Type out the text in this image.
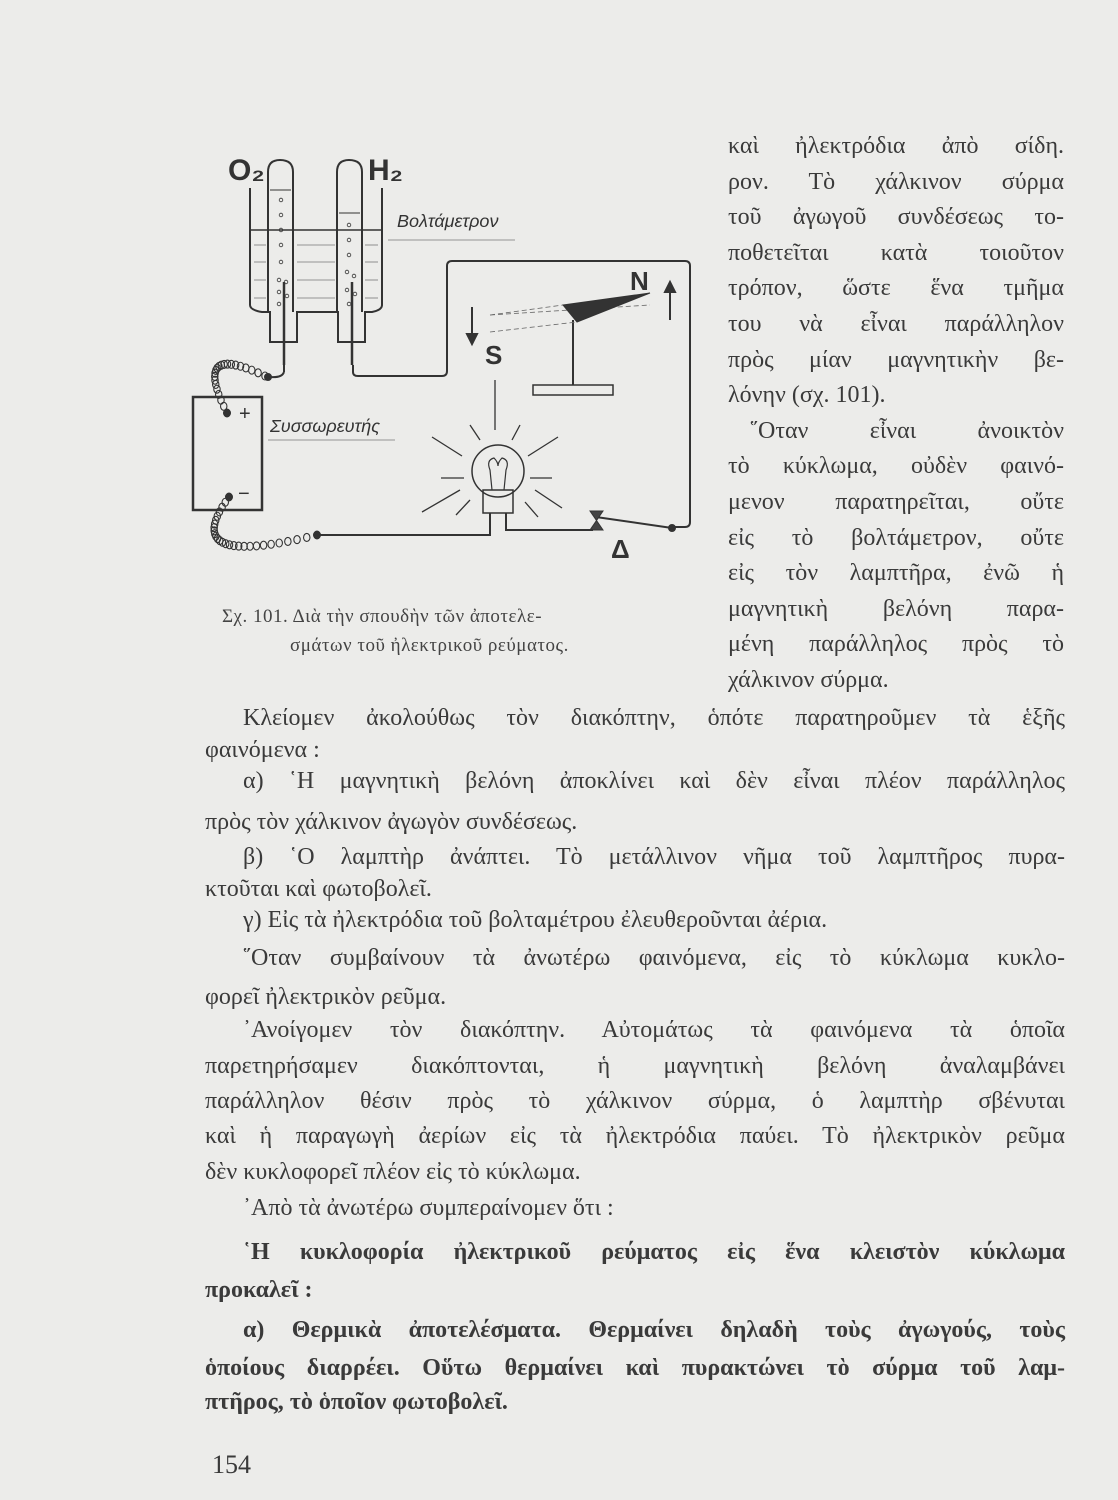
O₂	H₂
Βολτάμετρον
Συσσωρευτής
+
−
N
S
Δ
Σχ. 101. Διὰ τὴν σπουδὴν τῶν ἀποτελε-
σμάτων τοῦ ἠλεκτρικοῦ ρεύματος.
καὶ ἠλεκτρόδια ἀπὸ σίδη.
ρον. Τὸ χάλκινον σύρμα
τοῦ ἀγωγοῦ συνδέσεως το-
ποθετεῖται κατὰ τοιοῦτον
τρόπον, ὥστε ἕνα τμῆμα
του νὰ εἶναι παράλληλον
πρὸς μίαν μαγνητικὴν βε-
λόνην (σχ. 101).
῞Οταν εἶναι ἀνοικτὸν
τὸ κύκλωμα, οὐδὲν φαινό-
μενον παρατηρεῖται, οὔτε
εἰς τὸ βολτάμετρον, οὔτε
εἰς τὸν λαμπτῆρα, ἐνῶ ἡ
μαγνητικὴ βελόνη παρα-
μένη παράλληλος πρὸς τὸ
χάλκινον σύρμα.
Κλείομεν ἀκολούθως τὸν διακόπτην, ὁπότε παρατηροῦμεν τὰ ἑξῆς
φαινόμενα :
α) ῾Η μαγνητικὴ βελόνη ἀποκλίνει καὶ δὲν εἶναι πλέον παράλληλος
πρὸς τὸν χάλκινον ἀγωγὸν συνδέσεως.
β) ῾Ο λαμπτὴρ ἀνάπτει. Τὸ μετάλλινον νῆμα τοῦ λαμπτῆρος πυρα-
κτοῦται καὶ φωτοβολεῖ.
γ) Εἰς τὰ ἠλεκτρόδια τοῦ βολταμέτρου ἐλευθεροῦνται ἀέρια.
῞Οταν συμβαίνουν τὰ ἀνωτέρω φαινόμενα, εἰς τὸ κύκλωμα κυκλο-
φορεῖ ἠλεκτρικὸν ρεῦμα.
᾿Ανοίγομεν τὸν διακόπτην. Αὐτομάτως τὰ φαινόμενα τὰ ὁποῖα
παρετηρήσαμεν διακόπτονται, ἡ μαγνητικὴ βελόνη ἀναλαμβάνει
παράλληλον θέσιν πρὸς τὸ χάλκινον σύρμα, ὁ λαμπτὴρ σβένυται
καὶ ἡ παραγωγὴ ἀερίων εἰς τὰ ἠλεκτρόδια παύει. Τὸ ἠλεκτρικὸν ρεῦμα
δὲν κυκλοφορεῖ πλέον εἰς τὸ κύκλωμα.
᾿Απὸ τὰ ἀνωτέρω συμπεραίνομεν ὅτι :
῾Η κυκλοφορία ἠλεκτρικοῦ ρεύματος εἰς ἕνα κλειστὸν κύκλωμα
προκαλεῖ :
α) Θερμικὰ ἀποτελέσματα. Θερμαίνει δηλαδὴ τοὺς ἀγωγούς, τοὺς
ὁποίους διαρρέει. Οὕτω θερμαίνει καὶ πυρακτώνει τὸ σύρμα τοῦ λαμ-
πτῆρος, τὸ ὁποῖον φωτοβολεῖ.
154
